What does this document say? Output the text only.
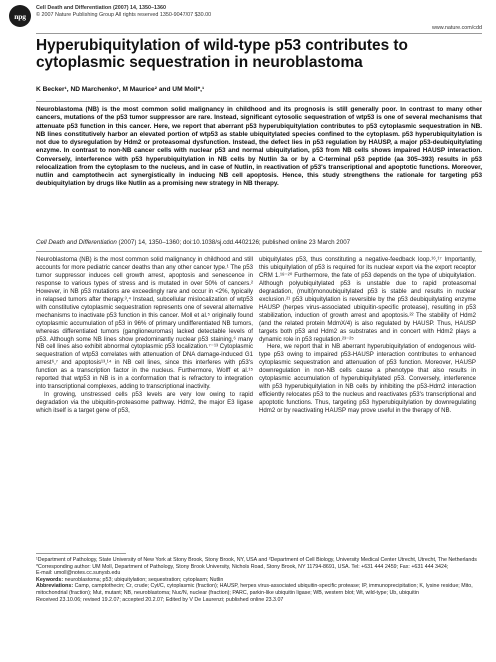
npg
Cell Death and Differentiation (2007) 14, 1350–1360
© 2007 Nature Publishing Group All rights reserved 1350-9047/07 $30.00
www.nature.com/cdd
Hyperubiquitylation of wild-type p53 contributes to cytoplasmic sequestration in neuroblastoma
K Becker¹, ND Marchenko¹, M Maurice² and UM Moll*,¹

Neuroblastoma (NB) is the most common solid malignancy in childhood and its prognosis is still generally poor. In contrast to many other cancers, mutations of the p53 tumor suppressor are rare. Instead, significant cytosolic sequestration of wtp53 is one of several mechanisms that attenuate p53 function in this cancer. Here, we report that aberrant p53 hyperubiquitylation contributes to p53 cytoplasmic sequestration in NB. NB lines constitutively harbor an elevated portion of wtp53 as stable ubiquitylated species confined to the cytoplasm. p53 hyperubiquitylation is not due to dysregulation by Hdm2 or proteasomal dysfunction. Instead, the defect lies in p53 regulation by HAUSP, a major p53-deubiquitylating enzyme. In contrast to non-NB cancer cells with nuclear p53 and normal ubiquitylation, p53 from NB cells shows impaired HAUSP interaction. Conversely, interference with p53 hyperubiquitylation in NB cells by Nutlin 3a or by a C-terminal p53 peptide (aa 305–393) results in p53 relocalization from the cytoplasm to the nucleus, and in case of Nutlin, in reactivation of p53's transcriptional and apoptotic functions. Moreover, nutlin and camptothecin act synergistically in inducing NB cell apoptosis. Hence, this study strengthens the rationale for targeting p53 deubiquitylation by drugs like Nutlin as a promising new strategy in NB therapy.

Cell Death and Differentiation (2007) 14, 1350–1360; doi:10.1038/sj.cdd.4402126; published online 23 March 2007

Neuroblastoma (NB) is the most common solid malignancy in childhood and still accounts for more pediatric cancer deaths than any other cancer type.¹ The p53 tumor suppressor induces cell growth arrest, apoptosis and senescence in response to various types of stress and is mutated in over 50% of cancers.² However, in NB p53 mutations are exceedingly rare and occur in <2%, typically in relapsed tumors after therapy.³,⁴ Instead, subcellular mislocalization of wtp53 with constitutive cytoplasmic sequestration represents one of several alternative mechanisms to inactivate p53 function in this cancer. Moll et al.⁵ originally found cytoplasmic accumulation of p53 in 96% of primary undifferentiated NB tumors, whereas differentiated tumors (ganglioneuromas) lacked detectable levels of p53. Although some NB lines show predominantly nuclear p53 staining,⁶ many NB cell lines also exhibit abnormal cytoplasmic p53 localization.⁷⁻¹³ Cytoplasmic sequestration of wtp53 correlates with attenuation of DNA damage-induced G1 arrest⁶,⁷ and apoptosis¹³,¹⁴ in NB cell lines, since this interferes with p53's function as a transcription factor in the nucleus. Furthermore, Wolff et al.¹⁵ reported that wtp53 in NB is in a conformation that is refractory to integration into transcriptional complexes, adding to transcriptional inactivity.

In growing, unstressed cells p53 levels are very low owing to rapid degradation via the ubiquitin-proteasome pathway. Hdm2, the major E3 ligase which itself is a target gene of p53,

ubiquitylates p53, thus constituting a negative-feedback loop.¹⁶,¹⁷ Importantly, this ubiquitylation of p53 is required for its nuclear export via the export receptor CRM 1.¹⁸⁻²⁰ Furthermore, the fate of p53 depends on the type of ubiquitylation. Although polyubiquitylated p53 is unstable due to rapid proteasomal degradation, (multi)monoubiquitylated p53 is stable and results in nuclear exclusion.²¹ p53 ubiquitylation is reversible by the p53 deubiquitylating enzyme HAUSP (herpes virus-associated ubiquitin-specific protease), resulting in p53 stabilization, induction of growth arrest and apoptosis.²² The stability of Hdm2 (and the related protein MdmX/4) is also regulated by HAUSP. Thus, HAUSP targets both p53 and Hdm2 as substrates and in concert with Hdm2 plays a dynamic role in p53 regulation.²³⁻²⁵

Here, we report that in NB aberrant hyperubiquitylation of endogenous wild-type p53 owing to impaired p53-HAUSP interaction contributes to enhanced cytoplasmic sequestration and attenuation of p53 function. Moreover, HAUSP downregulation in non-NB cells cause a phenotype that also results in cytoplasmic accumulation of hyperubiquitylated p53. Conversely, interference with p53 hyperubiquitylation in NB cells by inhibiting the p53-Hdm2 interaction efficiently relocates p53 to the nucleus and reactivates p53's transcriptional and apoptotic functions. Thus, targeting p53 hyperubiquitylation by downregulating Hdm2 or by reactivating HAUSP may prove useful in the therapy of NB.

¹Department of Pathology, State University of New York at Stony Brook, Stony Brook, NY, USA and ²Department of Cell Biology, University Medical Center Utrecht, Utrecht, The Netherlands

*Corresponding author: UM Moll, Department of Pathology, Stony Brook University, Nichols Road, Stony Brook, NY 11794-8691, USA. Tel: +631 444 2459; Fax: +631 444 3424;

E-mail: umoll@notes.cc.sunysb.edu

Keywords: neuroblastoma; p53; ubiquitylation; sequestration; cytoplasm; Nutlin

Abbreviations: Camp, camptothecin; Cr, crude; Cyt/C, cytoplasmic (fraction); HAUSP, herpes virus-associated ubiquitin-specific protease; IP, immunoprecipitation; K, lysine residue; Mito, mitochondrial (fraction); Mut, mutant; NB, neuroblastoma; Nuc/N, nuclear (fraction); PARC, parkin-like ubiquitin ligase; WB, western blot; Wt, wild-type; Ub, ubiquitin

Received 23.10.06; revised 19.2.07; accepted 20.2.07; Edited by V De Laurenzi; published online 23.3.07
